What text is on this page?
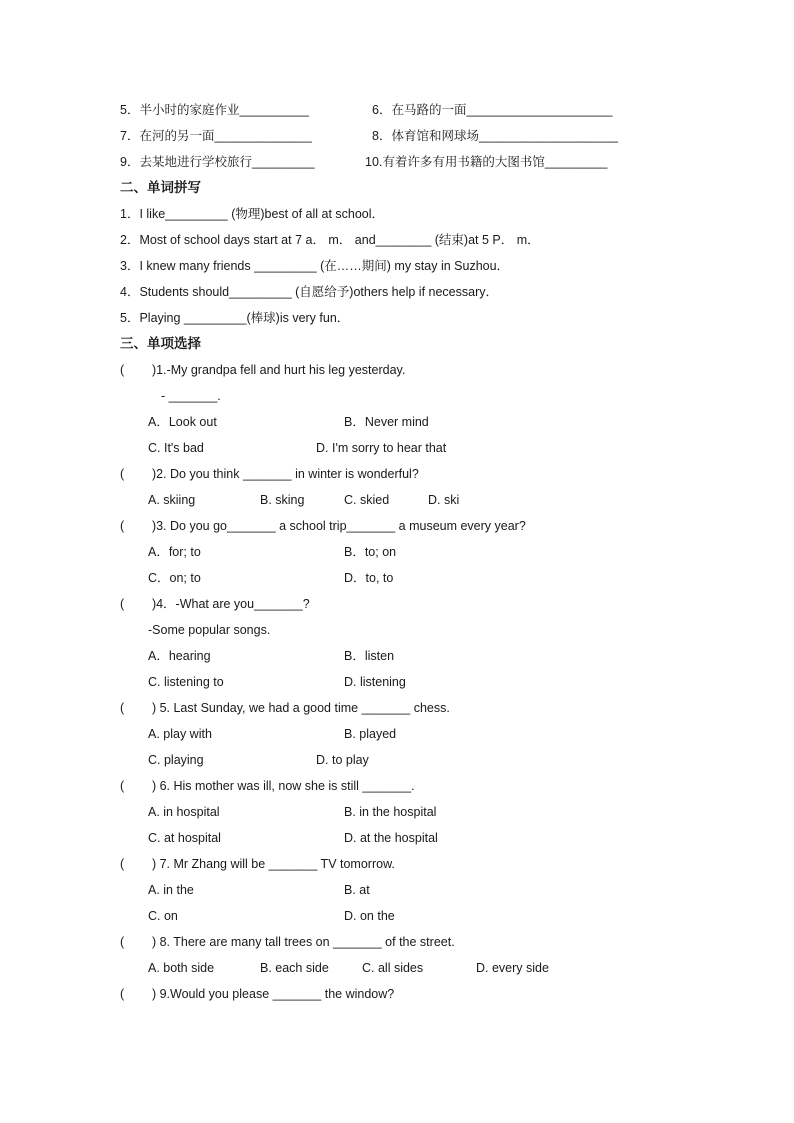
5．半小时的家庭作业__________	6．在马路的一面_____________________
7．在河的另一面______________	8．体育馆和网球场____________________
9．去某地进行学校旅行_________	10.有着许多有用书籍的大图书馆_________
二、单词拼写
1．I like_________ (物理)best of all at school．
2．Most of school days start at 7 a． m． and________ (结束)at 5 P． m．
3．I knew many friends _________ (在……期间) my stay in Suzhou．
4．Students should_________ (自愿给予)others help if necessary．
5．Playing _________(棒球)is very fun．
三、单项选择
(        )1.-My grandpa fell and hurt his leg yesterday.
- _______.
A．Look out	B．Never mind
C. It's bad	D. I'm sorry to hear that
(        )2. Do you think _______ in winter is wonderful?
A. skiing	B. sking	C. skied	D. ski
(        )3. Do you go_______ a school trip_______ a museum every year?
A．for; to	B．to; on
C．on; to	D．to, to
(        )4．-What are you_______?
-Some popular songs.
A．hearing	B．listen
C. listening to	D. listening
(        ) 5. Last Sunday, we had a good time _______ chess.
A. play with	B. played
C. playing	D. to play
(        ) 6. His mother was ill, now she is still _______.
A. in hospital	B. in the hospital
C. at hospital	D. at the hospital
(        ) 7. Mr Zhang will be _______ TV tomorrow.
A. in the	B. at
C. on	D. on the
(        ) 8. There are many tall trees on _______ of the street.
A. both side	B. each side	C. all sides	D. every side
(        ) 9.Would you please _______ the window?
